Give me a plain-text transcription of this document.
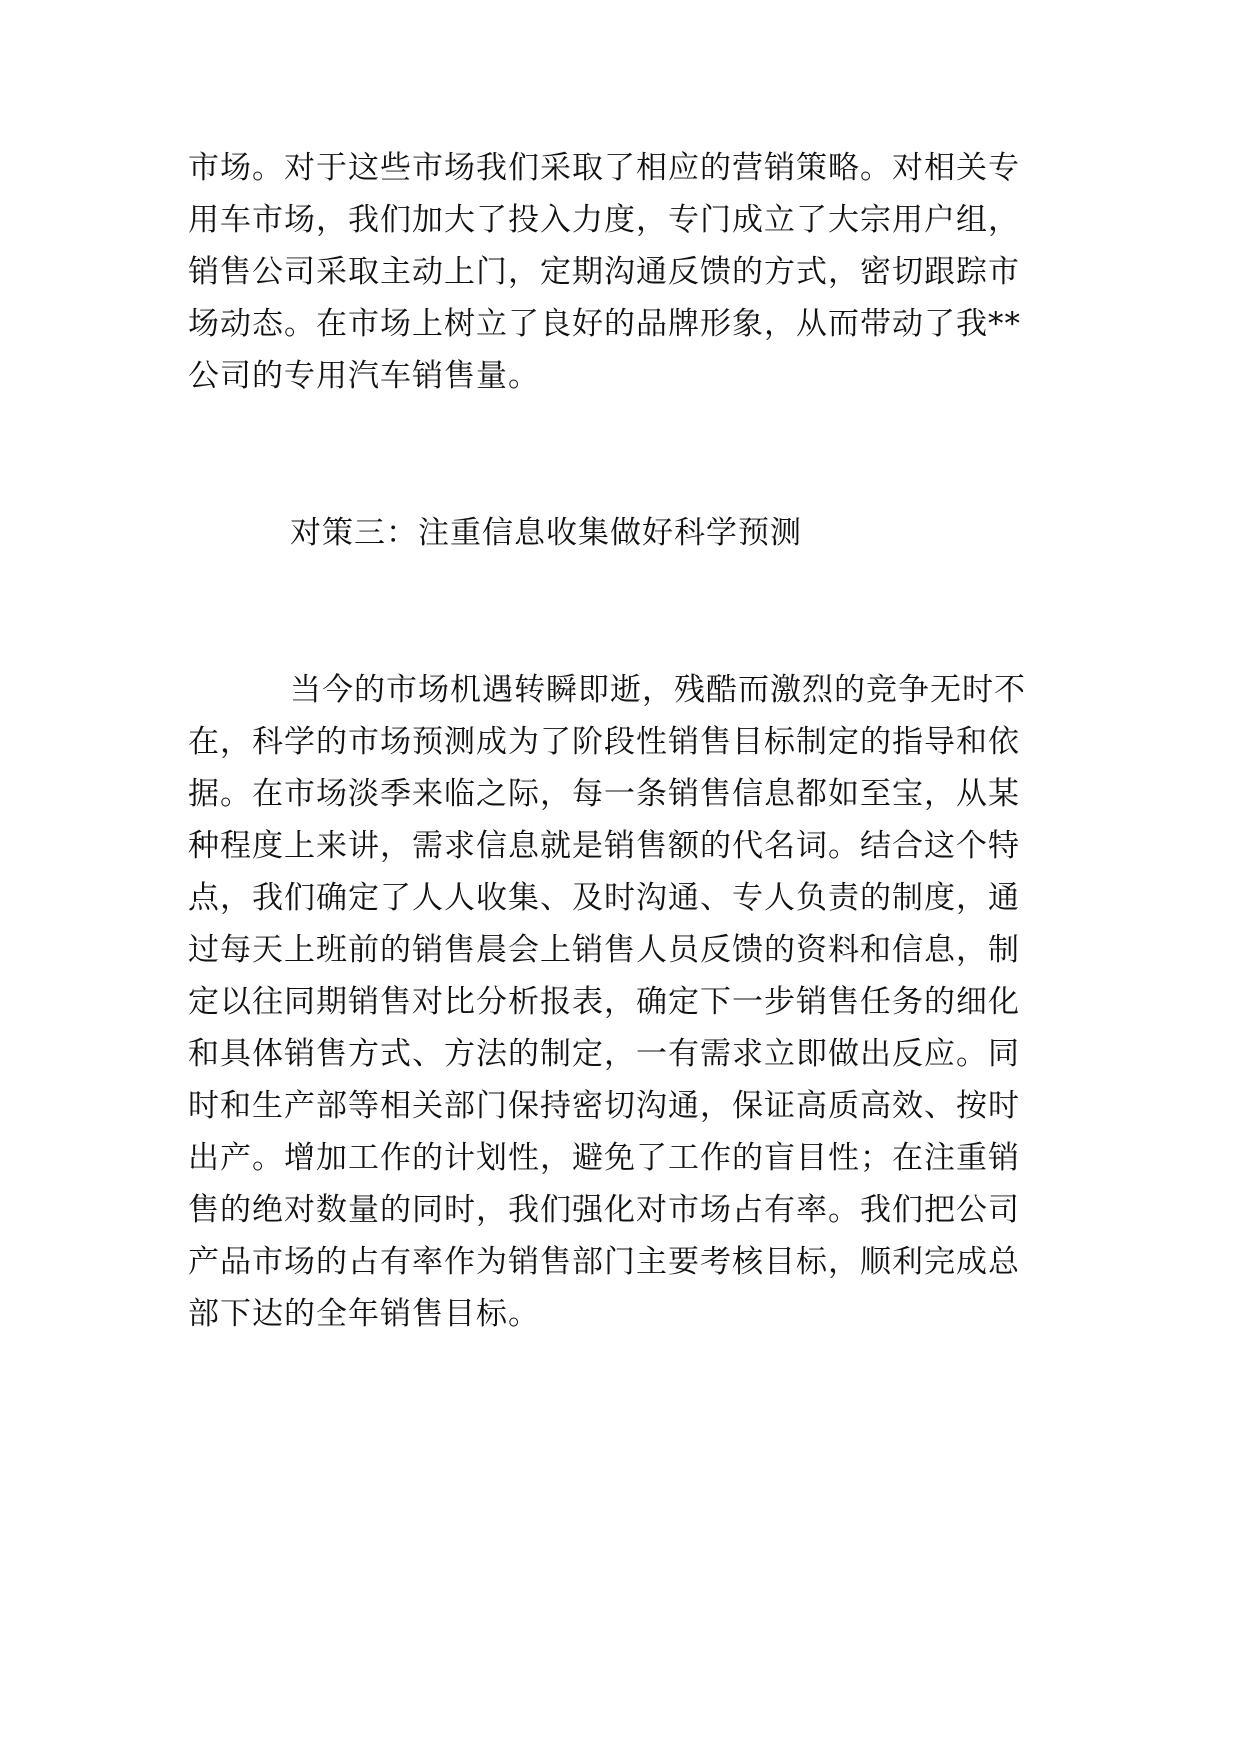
市场。对于这些市场我们采取了相应的营销策略。对相关专
用车市场，我们加大了投入力度，专门成立了大宗用户组，
销售公司采取主动上门，定期沟通反馈的方式，密切跟踪市
场动态。在市场上树立了良好的品牌形象，从而带动了我**
公司的专用汽车销售量。
对策三：注重信息收集做好科学预测
当今的市场机遇转瞬即逝，残酷而激烈的竞争无时不
在，科学的市场预测成为了阶段性销售目标制定的指导和依
据。在市场淡季来临之际，每一条销售信息都如至宝，从某
种程度上来讲，需求信息就是销售额的代名词。结合这个特
点，我们确定了人人收集、及时沟通、专人负责的制度，通
过每天上班前的销售晨会上销售人员反馈的资料和信息，制
定以往同期销售对比分析报表，确定下一步销售任务的细化
和具体销售方式、方法的制定，一有需求立即做出反应。同
时和生产部等相关部门保持密切沟通，保证高质高效、按时
出产。增加工作的计划性，避免了工作的盲目性；在注重销
售的绝对数量的同时，我们强化对市场占有率。我们把公司
产品市场的占有率作为销售部门主要考核目标，顺利完成总
部下达的全年销售目标。
